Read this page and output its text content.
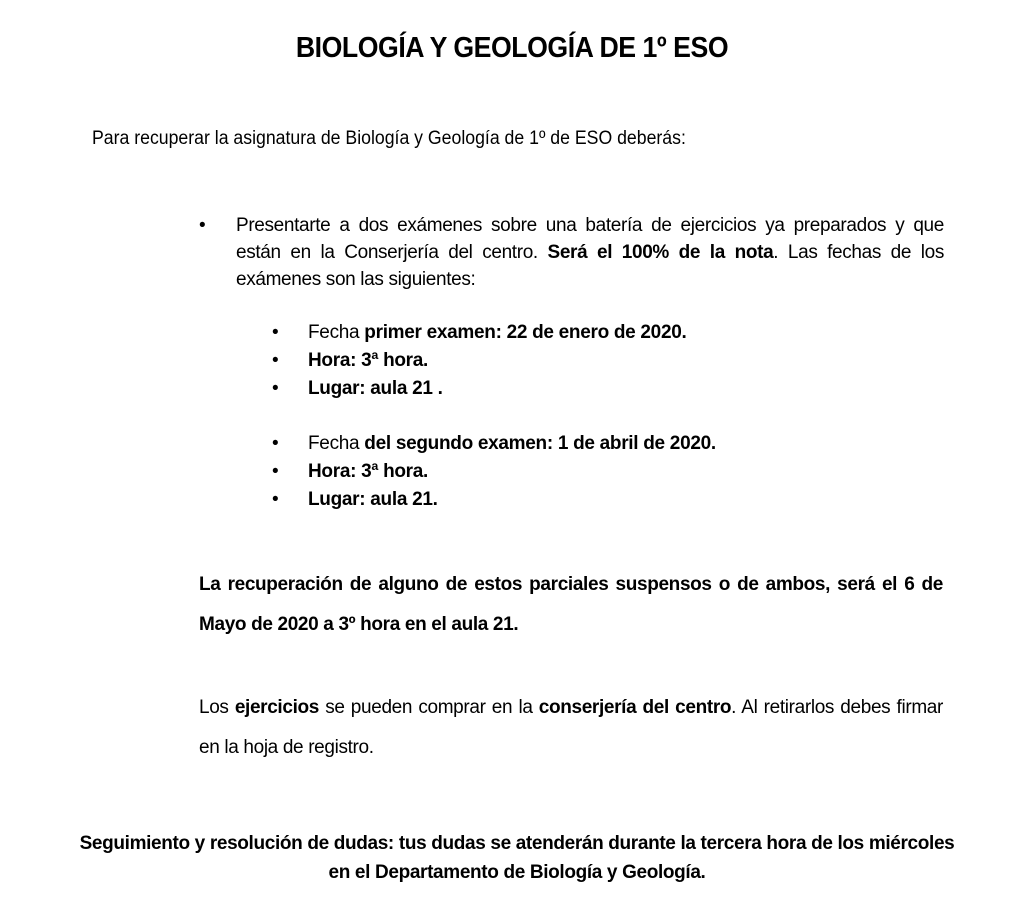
BIOLOGÍA Y GEOLOGÍA DE 1º ESO
Para recuperar la asignatura de Biología y Geología de 1º de ESO deberás:
• Presentarte a dos exámenes sobre una batería de ejercicios ya preparados y que están en la Conserjería del centro. Será el 100% de la nota. Las fechas de los exámenes son las siguientes:
• Fecha primer examen: 22 de enero de 2020.
• Hora: 3ª hora.
• Lugar: aula 21 .
• Fecha del segundo examen: 1 de abril de 2020.
• Hora: 3ª hora.
• Lugar: aula 21.
La recuperación de alguno de estos parciales suspensos o de ambos, será el 6 de Mayo de 2020 a 3º hora en el aula 21.
Los ejercicios se pueden comprar en la conserjería del centro. Al retirarlos debes firmar en la hoja de registro.
Seguimiento y resolución de dudas: tus dudas se atenderán durante la tercera hora de los miércoles en el Departamento de Biología y Geología.
